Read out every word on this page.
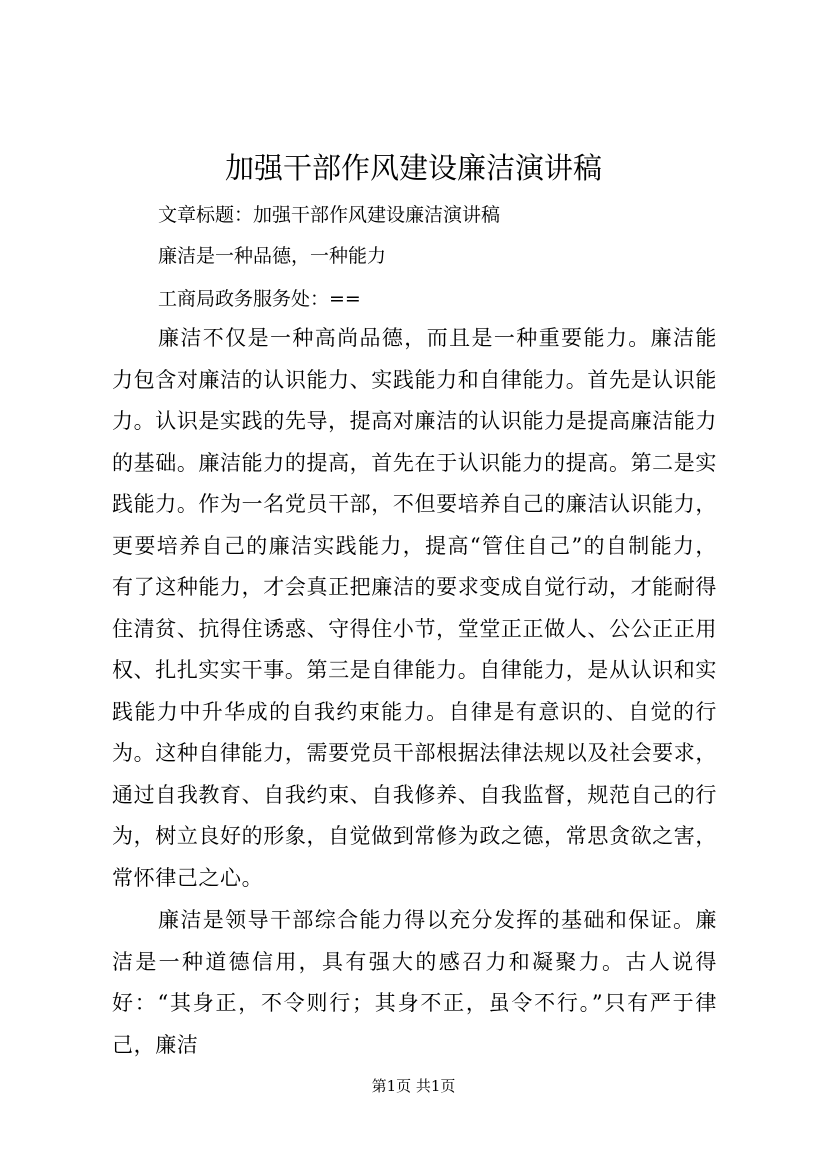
加强干部作风建设廉洁演讲稿
文章标题：加强干部作风建设廉洁演讲稿
廉洁是一种品德，一种能力
工商局政务服务处：==

廉洁不仅是一种高尚品德，而且是一种重要能力。廉洁能力包含对廉洁的认识能力、实践能力和自律能力。首先是认识能力。认识是实践的先导，提高对廉洁的认识能力是提高廉洁能力的基础。廉洁能力的提高，首先在于认识能力的提高。第二是实践能力。作为一名党员干部，不但要培养自己的廉洁认识能力，更要培养自己的廉洁实践能力，提高“管住自己”的自制能力，有了这种能力，才会真正把廉洁的要求变成自觉行动，才能耐得住清贫、抗得住诱惑、守得住小节，堂堂正正做人、公公正正用权、扎扎实实干事。第三是自律能力。自律能力，是从认识和实践能力中升华成的自我约束能力。自律是有意识的、自觉的行为。这种自律能力，需要党员干部根据法律法规以及社会要求，通过自我教育、自我约束、自我修养、自我监督，规范自己的行为，树立良好的形象，自觉做到常修为政之德，常思贪欲之害，常怀律己之心。

廉洁是领导干部综合能力得以充分发挥的基础和保证。廉洁是一种道德信用，具有强大的感召力和凝聚力。古人说得好：“其身正，不令则行；其身不正，虽令不行。”只有严于律己，廉洁

第1页 共1页
